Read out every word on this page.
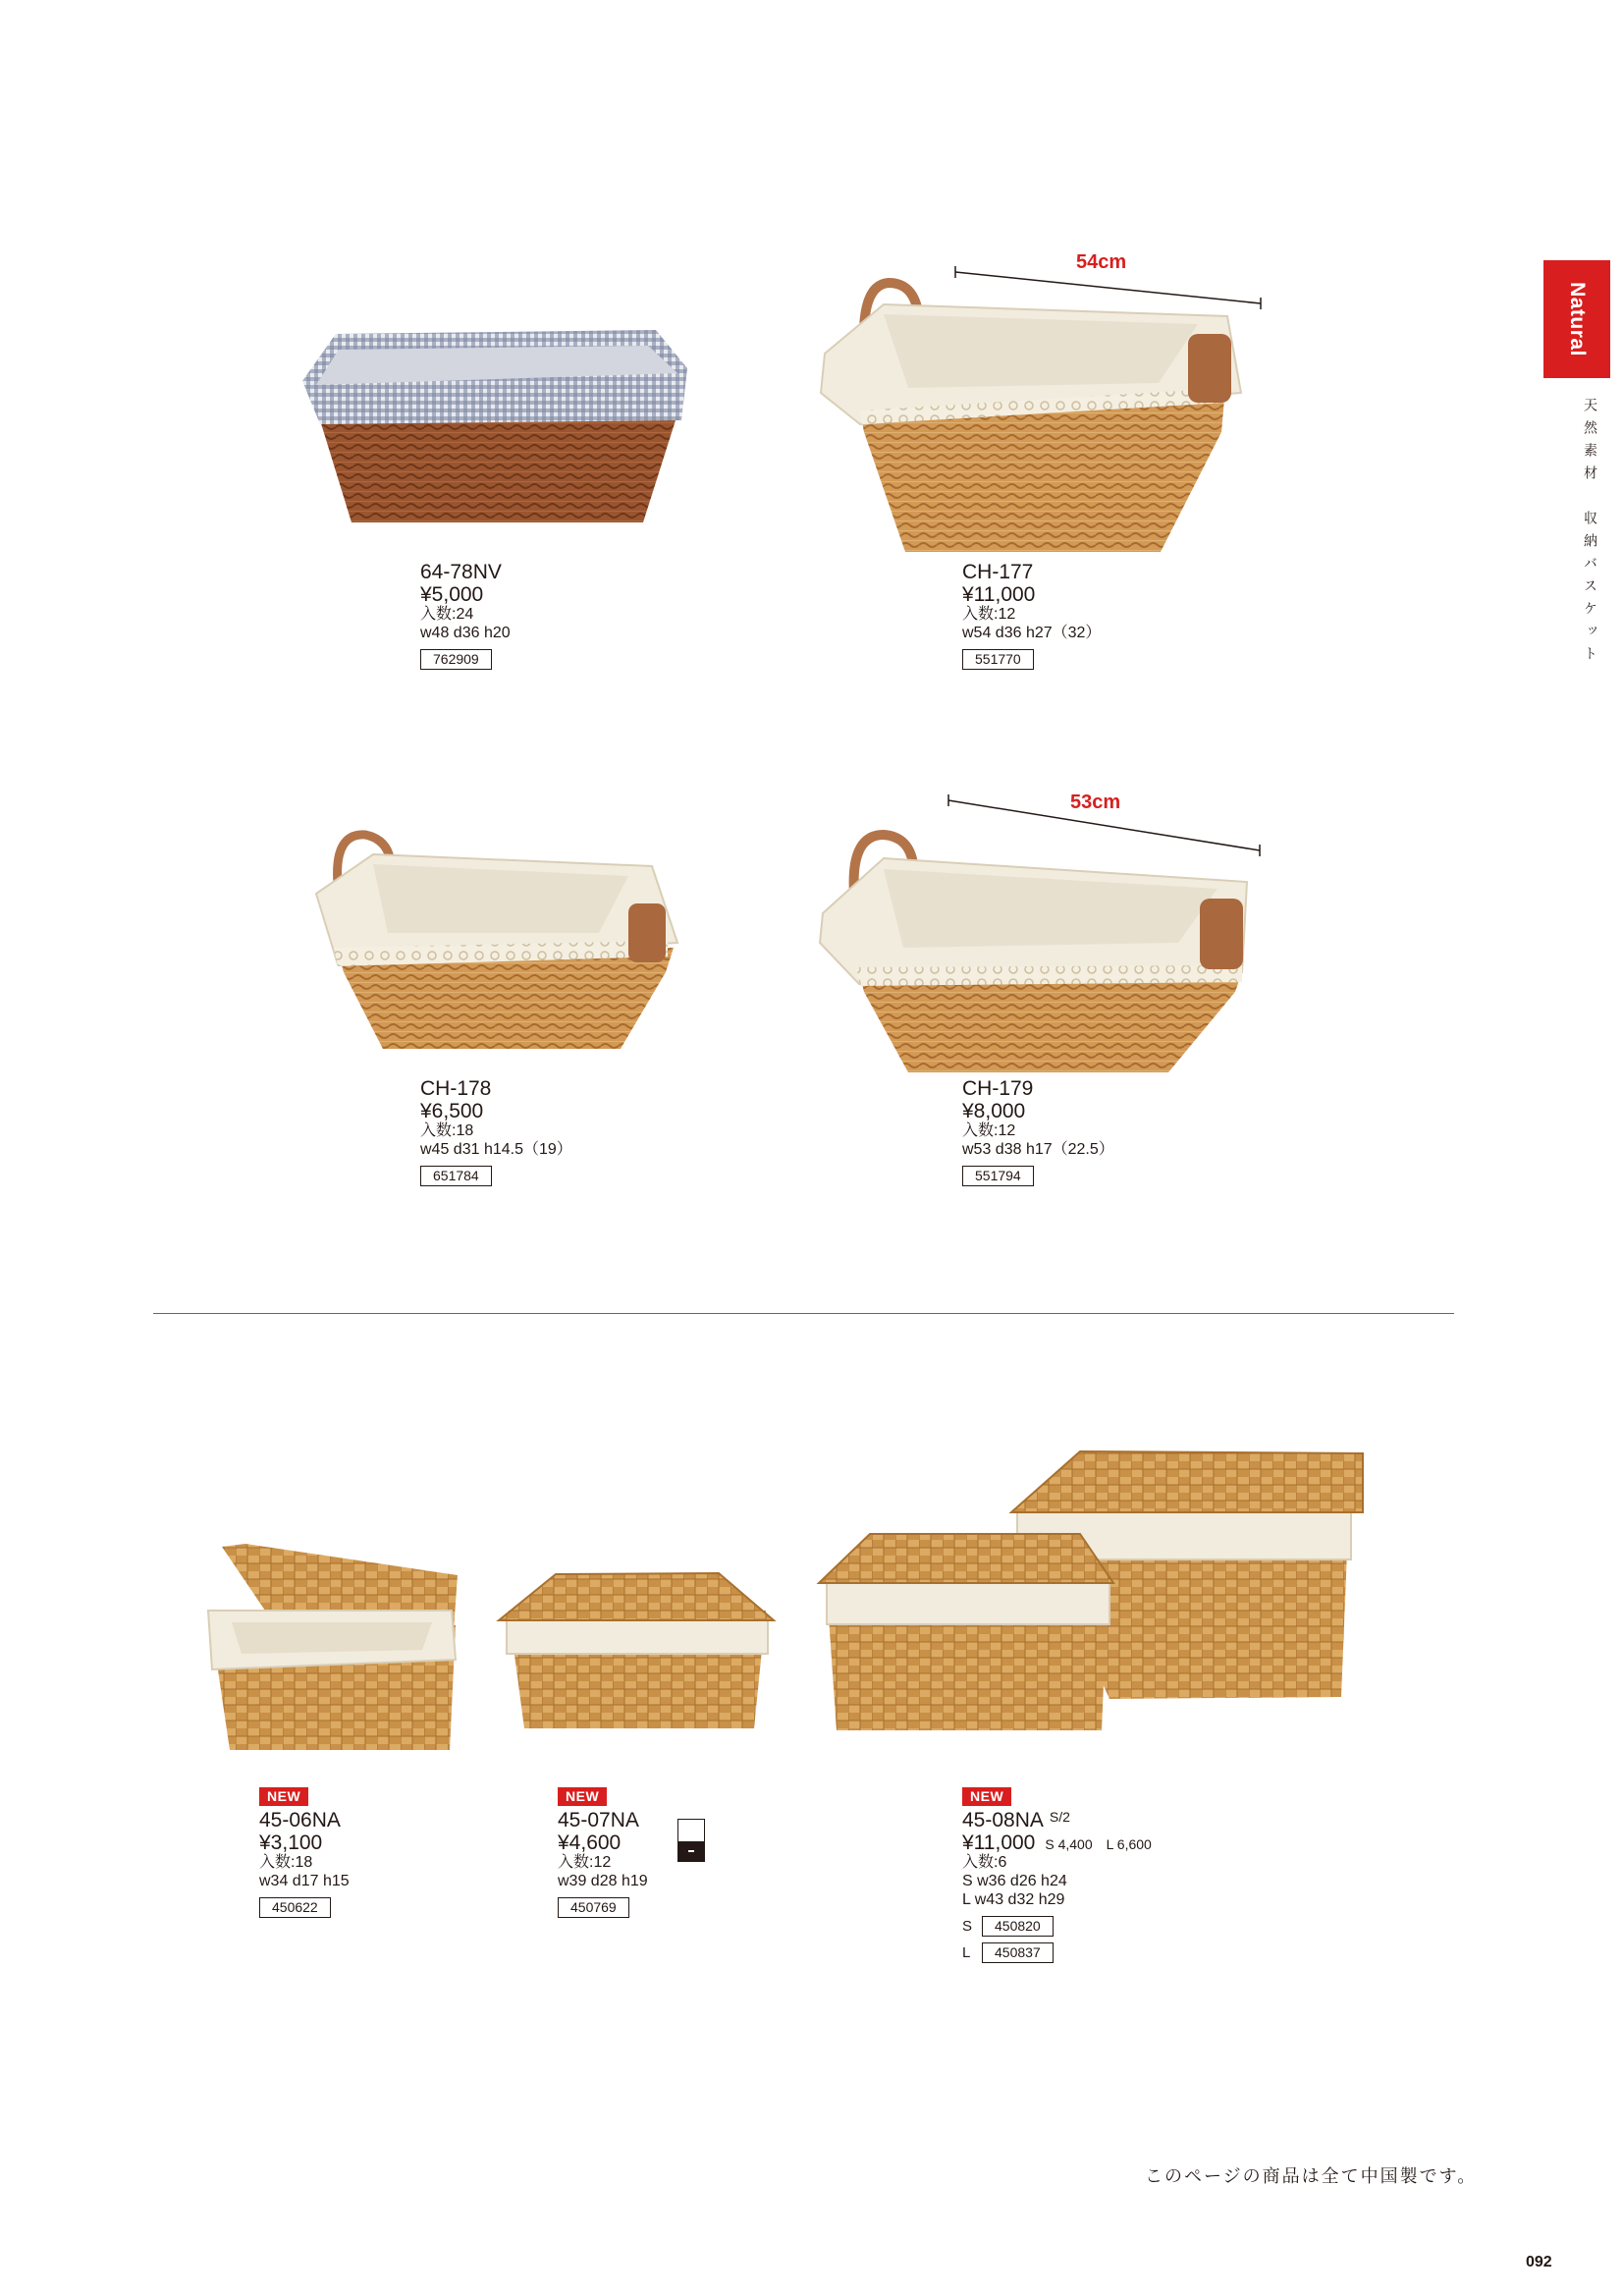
Natural
天然素材　収納バスケット
54cm
53cm
64-78NV
¥5,000
入数:24
w48 d36 h20
762909
CH-177
¥11,000
入数:12
w54 d36 h27（32）
551770
CH-178
¥6,500
入数:18
w45 d31 h14.5（19）
651784
CH-179
¥8,000
入数:12
w53 d38 h17（22.5）
551794
NEW
45-06NA
¥3,100
入数:18
w34 d17 h15
450622
NEW
45-07NA
¥4,600
入数:12
w39 d28 h19
450769
NEW
45-08NA $^{S/2}$
¥11,000 S 4,400　L 6,600
入数:6
S w36 d26 h24
L w43 d32 h29
S 450820
L 450837
このページの商品は全て中国製です。
092
